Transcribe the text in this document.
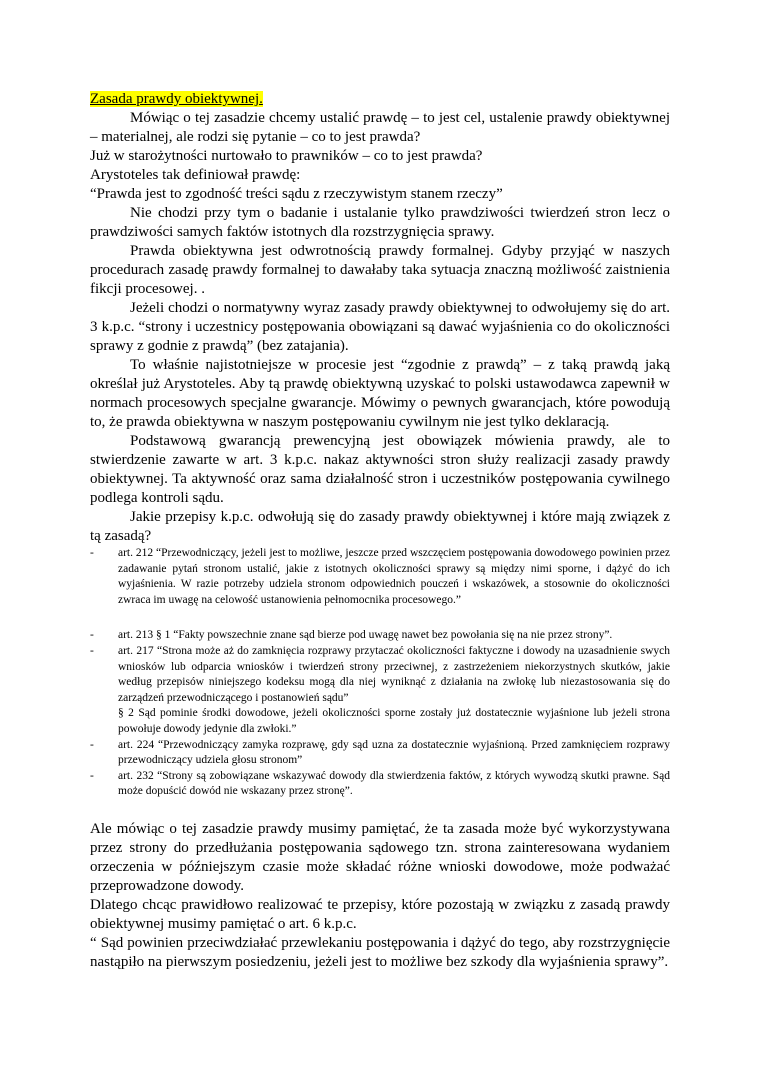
Zasada prawdy obiektywnej.

Mówiąc o tej zasadzie chcemy ustalić prawdę – to jest cel, ustalenie prawdy obiektywnej – materialnej, ale rodzi się pytanie – co to jest prawda?

Już w starożytności nurtowało to prawników – co to jest prawda?

Arystoteles tak definiował prawdę:

“Prawda jest to zgodność treści sądu z rzeczywistym stanem rzeczy”

Nie chodzi przy tym o badanie i ustalanie tylko prawdziwości twierdzeń stron lecz o prawdziwości samych faktów istotnych dla rozstrzygnięcia sprawy.

Prawda obiektywna jest odwrotnością prawdy formalnej. Gdyby przyjąć w naszych procedurach zasadę prawdy formalnej to dawałaby taka sytuacja znaczną możliwość zaistnienia fikcji procesowej. .

Jeżeli chodzi o normatywny wyraz zasady prawdy obiektywnej to odwołujemy się do art. 3 k.p.c. “strony i uczestnicy postępowania obowiązani są dawać wyjaśnienia co do okoliczności sprawy z godnie z prawdą” (bez zatajania).

To właśnie najistotniejsze w procesie jest “zgodnie z prawdą” – z taką prawdą jaką określał już Arystoteles. Aby tą prawdę obiektywną uzyskać to polski ustawodawca zapewnił w normach procesowych specjalne gwarancje. Mówimy o pewnych gwarancjach, które powodują to, że prawda obiektywna w naszym postępowaniu cywilnym nie jest tylko deklaracją.

Podstawową gwarancją prewencyjną jest obowiązek mówienia prawdy, ale to stwierdzenie zawarte w art. 3 k.p.c. nakaz aktywności stron służy realizacji zasady prawdy obiektywnej. Ta aktywność oraz sama działalność stron i uczestników postępowania cywilnego podlega kontroli sądu.

Jakie przepisy k.p.c. odwołują się do zasady prawdy obiektywnej i które mają związek z tą zasadą?

- art. 212 “Przewodniczący, jeżeli jest to możliwe, jeszcze przed wszczęciem postępowania dowodowego powinien przez zadawanie pytań stronom ustalić, jakie z istotnych okoliczności sprawy są między nimi sporne, i dążyć do ich wyjaśnienia. W razie potrzeby udziela stronom odpowiednich pouczeń i wskazówek, a stosownie do okoliczności zwraca im uwagę na celowość ustanowienia pełnomocnika procesowego.”
- art. 213 § 1 “Fakty powszechnie znane sąd bierze pod uwagę nawet bez powołania się na nie przez strony”.
- art. 217 “Strona może aż do zamknięcia rozprawy przytaczać okoliczności faktyczne i dowody na uzasadnienie swych wniosków lub odparcia wniosków i twierdzeń strony przeciwnej, z zastrzeżeniem niekorzystnych skutków, jakie według przepisów niniejszego kodeksu mogą dla niej wyniknąć z działania na zwłokę lub niezastosowania się do zarządzeń przewodniczącego i postanowień sądu”
§ 2 Sąd pominie środki dowodowe, jeżeli okoliczności sporne zostały już dostatecznie wyjaśnione lub jeżeli strona powołuje dowody jedynie dla zwłoki.”
- art. 224 “Przewodniczący zamyka rozprawę, gdy sąd uzna za dostatecznie wyjaśnioną. Przed zamknięciem rozprawy przewodniczący udziela głosu stronom”
- art. 232 “Strony są zobowiązane wskazywać dowody dla stwierdzenia faktów, z których wywodzą skutki prawne. Sąd może dopuścić dowód nie wskazany przez stronę”.

Ale mówiąc o tej zasadzie prawdy musimy pamiętać, że ta zasada może być wykorzystywana przez strony do przedłużania postępowania sądowego tzn. strona zainteresowana wydaniem orzeczenia w późniejszym czasie może składać różne wnioski dowodowe, może podważać przeprowadzone dowody.

Dlatego chcąc prawidłowo realizować te przepisy, które pozostają w związku z zasadą prawdy obiektywnej musimy pamiętać o art. 6 k.p.c.

“ Sąd powinien przeciwdziałać przewlekaniu postępowania i dążyć do tego, aby rozstrzygnięcie nastąpiło na pierwszym posiedzeniu, jeżeli jest to możliwe bez szkody dla wyjaśnienia sprawy”.
